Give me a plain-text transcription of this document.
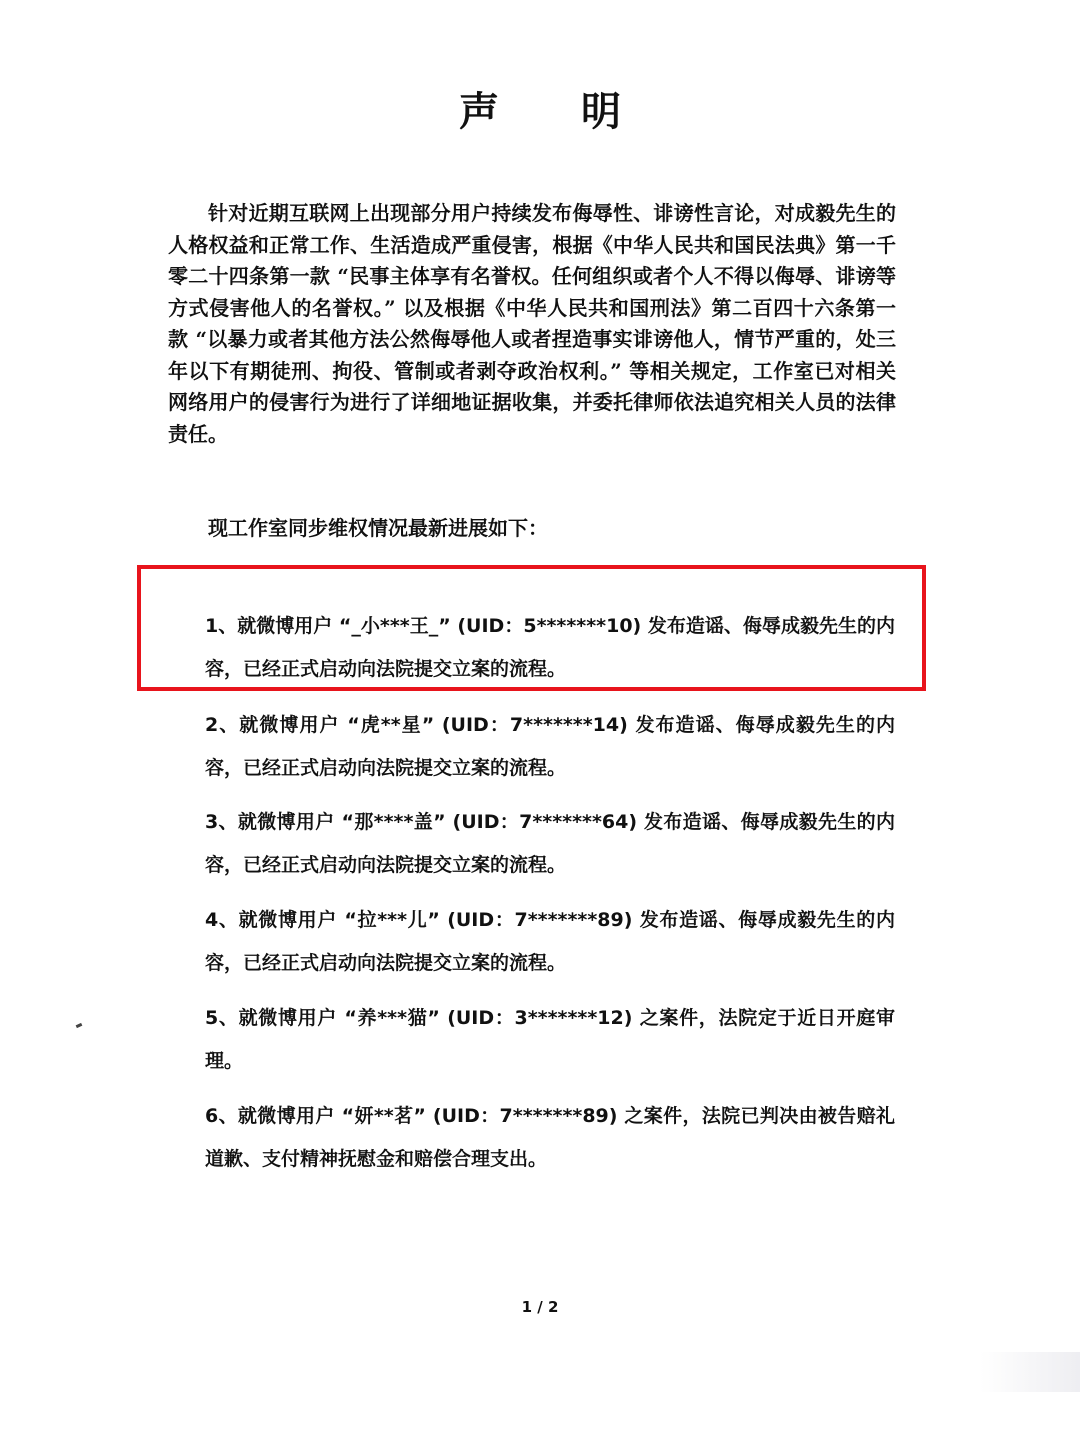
声 明

针对近期互联网上出现部分用户持续发布侮辱性、诽谤性言论，对成毅先生的人格权益和正常工作、生活造成严重侵害，根据《中华人民共和国民法典》第一千零二十四条第一款 “民事主体享有名誉权。任何组织或者个人不得以侮辱、诽谤等方式侵害他人的名誉权。” 以及根据《中华人民共和国刑法》第二百四十六条第一款 “以暴力或者其他方法公然侮辱他人或者捏造事实诽谤他人，情节严重的，处三年以下有期徒刑、拘役、管制或者剥夺政治权利。” 等相关规定，工作室已对相关网络用户的侵害行为进行了详细地证据收集，并委托律师依法追究相关人员的法律责任。

现工作室同步维权情况最新进展如下：

1、就微博用户 “_小***王_” (UID：5*******10) 发布造谣、侮辱成毅先生的内容，已经正式启动向法院提交立案的流程。

2、就微博用户 “虎**星” (UID：7*******14) 发布造谣、侮辱成毅先生的内容，已经正式启动向法院提交立案的流程。

3、就微博用户 “那****盖” (UID：7*******64) 发布造谣、侮辱成毅先生的内容，已经正式启动向法院提交立案的流程。

4、就微博用户 “拉***儿” (UID：7*******89) 发布造谣、侮辱成毅先生的内容，已经正式启动向法院提交立案的流程。

5、就微博用户 “养***猫” (UID：3*******12) 之案件，法院定于近日开庭审理。

6、就微博用户 “妍**茗” (UID：7*******89) 之案件，法院已判决由被告赔礼道歉、支付精神抚慰金和赔偿合理支出。

1 / 2
